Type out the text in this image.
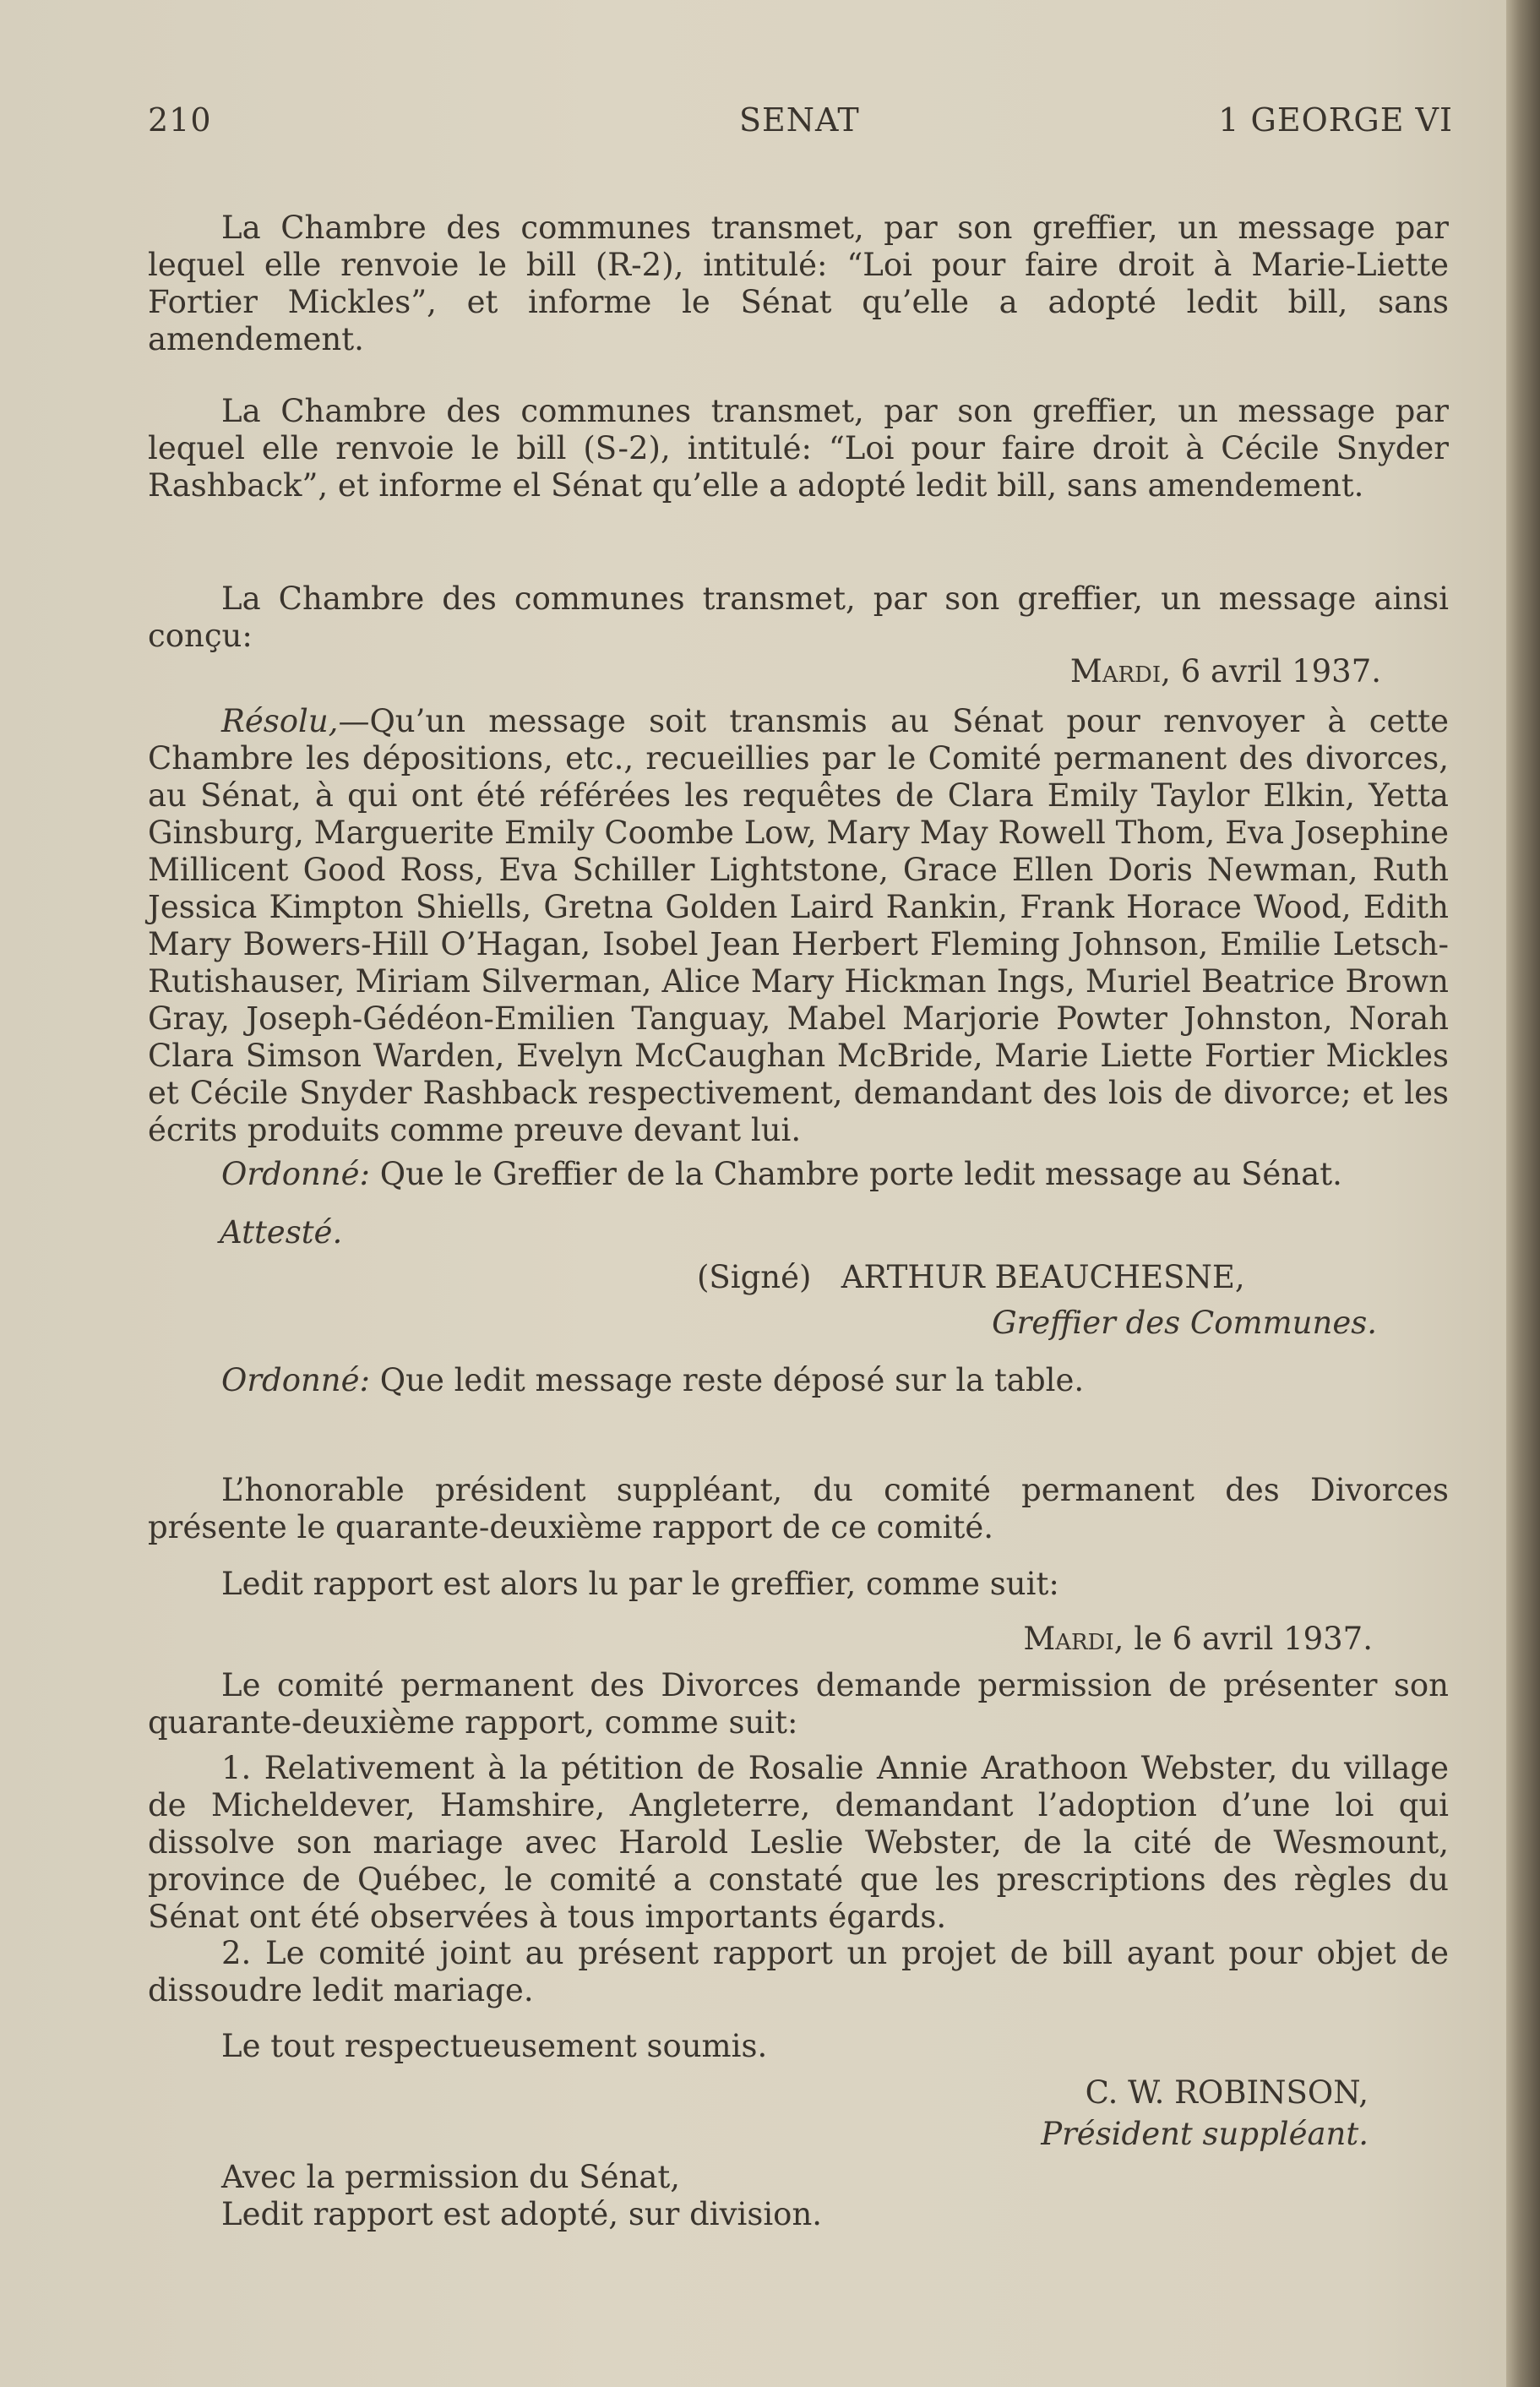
210	SENAT	1 GEORGE VI
La Chambre des communes transmet, par son greffier, un message par lequel elle renvoie le bill (R-2), intitulé: “Loi pour faire droit à Marie-Liette Fortier Mickles”, et informe le Sénat qu’elle a adopté ledit bill, sans amendement.
La Chambre des communes transmet, par son greffier, un message par lequel elle renvoie le bill (S-2), intitulé: “Loi pour faire droit à Cécile Snyder Rashback”, et informe el Sénat qu’elle a adopté ledit bill, sans amendement.
La Chambre des communes transmet, par son greffier, un message ainsi conçu:
Mardi, 6 avril 1937.
Résolu,—Qu’un message soit transmis au Sénat pour renvoyer à cette Chambre les dépositions, etc., recueillies par le Comité permanent des divorces, au Sénat, à qui ont été référées les requêtes de Clara Emily Taylor Elkin, Yetta Ginsburg, Marguerite Emily Coombe Low, Mary May Rowell Thom, Eva Josephine Millicent Good Ross, Eva Schiller Lightstone, Grace Ellen Doris Newman, Ruth Jessica Kimpton Shiells, Gretna Golden Laird Rankin, Frank Horace Wood, Edith Mary Bowers-Hill O’Hagan, Isobel Jean Herbert Fleming Johnson, Emilie Letsch-Rutishauser, Miriam Silverman, Alice Mary Hickman Ings, Muriel Beatrice Brown Gray, Joseph-Gédéon-Emilien Tanguay, Mabel Marjorie Powter Johnston, Norah Clara Simson Warden, Evelyn McCaughan McBride, Marie Liette Fortier Mickles et Cécile Snyder Rashback respectivement, demandant des lois de divorce; et les écrits produits comme preuve devant lui.
Ordonné: Que le Greffier de la Chambre porte ledit message au Sénat.
Attesté.
(Signé) ARTHUR BEAUCHESNE,
Greffier des Communes.
Ordonné: Que ledit message reste déposé sur la table.
L’honorable président suppléant, du comité permanent des Divorces présente le quarante-deuxième rapport de ce comité.
Ledit rapport est alors lu par le greffier, comme suit:
Mardi, le 6 avril 1937.
Le comité permanent des Divorces demande permission de présenter son quarante-deuxième rapport, comme suit:
1. Relativement à la pétition de Rosalie Annie Arathoon Webster, du village de Micheldever, Hamshire, Angleterre, demandant l’adoption d’une loi qui dissolve son mariage avec Harold Leslie Webster, de la cité de Wesmount, province de Québec, le comité a constaté que les prescriptions des règles du Sénat ont été observées à tous importants égards.
2. Le comité joint au présent rapport un projet de bill ayant pour objet de dissoudre ledit mariage.
Le tout respectueusement soumis.
C. W. ROBINSON,
Président suppléant.
Avec la permission du Sénat,
Ledit rapport est adopté, sur division.
